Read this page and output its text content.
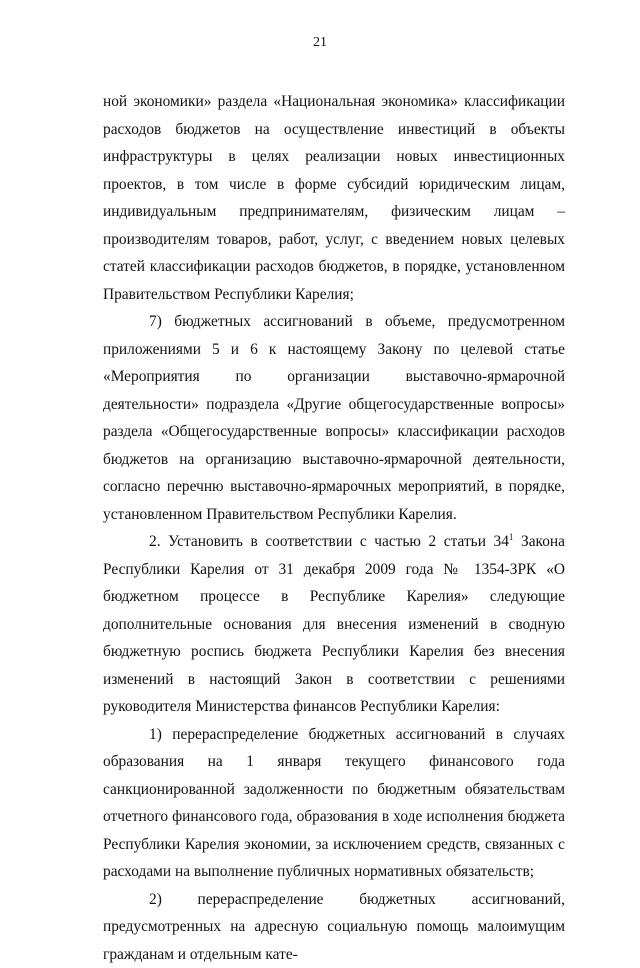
21

ной экономики» раздела «Национальная экономика» классификации расходов бюджетов на осуществление инвестиций в объекты инфраструктуры в целях реализации новых инвестиционных проектов, в том числе в форме субсидий юридическим лицам, индивидуальным предпринимателям, физическим лицам – производителям товаров, работ, услуг, с введением новых целевых статей классификации расходов бюджетов, в порядке, установленном Правительством Республики Карелия;

7) бюджетных ассигнований в объеме, предусмотренном приложениями 5 и 6 к настоящему Закону по целевой статье «Мероприятия по организации выставочно-ярмарочной деятельности» подраздела «Другие общегосударственные вопросы» раздела «Общегосударственные вопросы» классификации расходов бюджетов на организацию выставочно-ярмарочной деятельности, согласно перечню выставочно-ярмарочных мероприятий, в порядке, установленном Правительством Республики Карелия.

2. Установить в соответствии с частью 2 статьи $34^1$ Закона Республики Карелия от 31 декабря 2009 года № 1354-ЗРК «О бюджетном процессе в Республике Карелия» следующие дополнительные основания для внесения изменений в сводную бюджетную роспись бюджета Республики Карелия без внесения изменений в настоящий Закон в соответствии с решениями руководителя Министерства финансов Республики Карелия:

1) перераспределение бюджетных ассигнований в случаях образования на 1 января текущего финансового года санкционированной задолженности по бюджетным обязательствам отчетного финансового года, образования в ходе исполнения бюджета Республики Карелия экономии, за исключением средств, связанных с расходами на выполнение публичных нормативных обязательств;

2) перераспределение бюджетных ассигнований, предусмотренных на адресную социальную помощь малоимущим гражданам и отдельным кате-
